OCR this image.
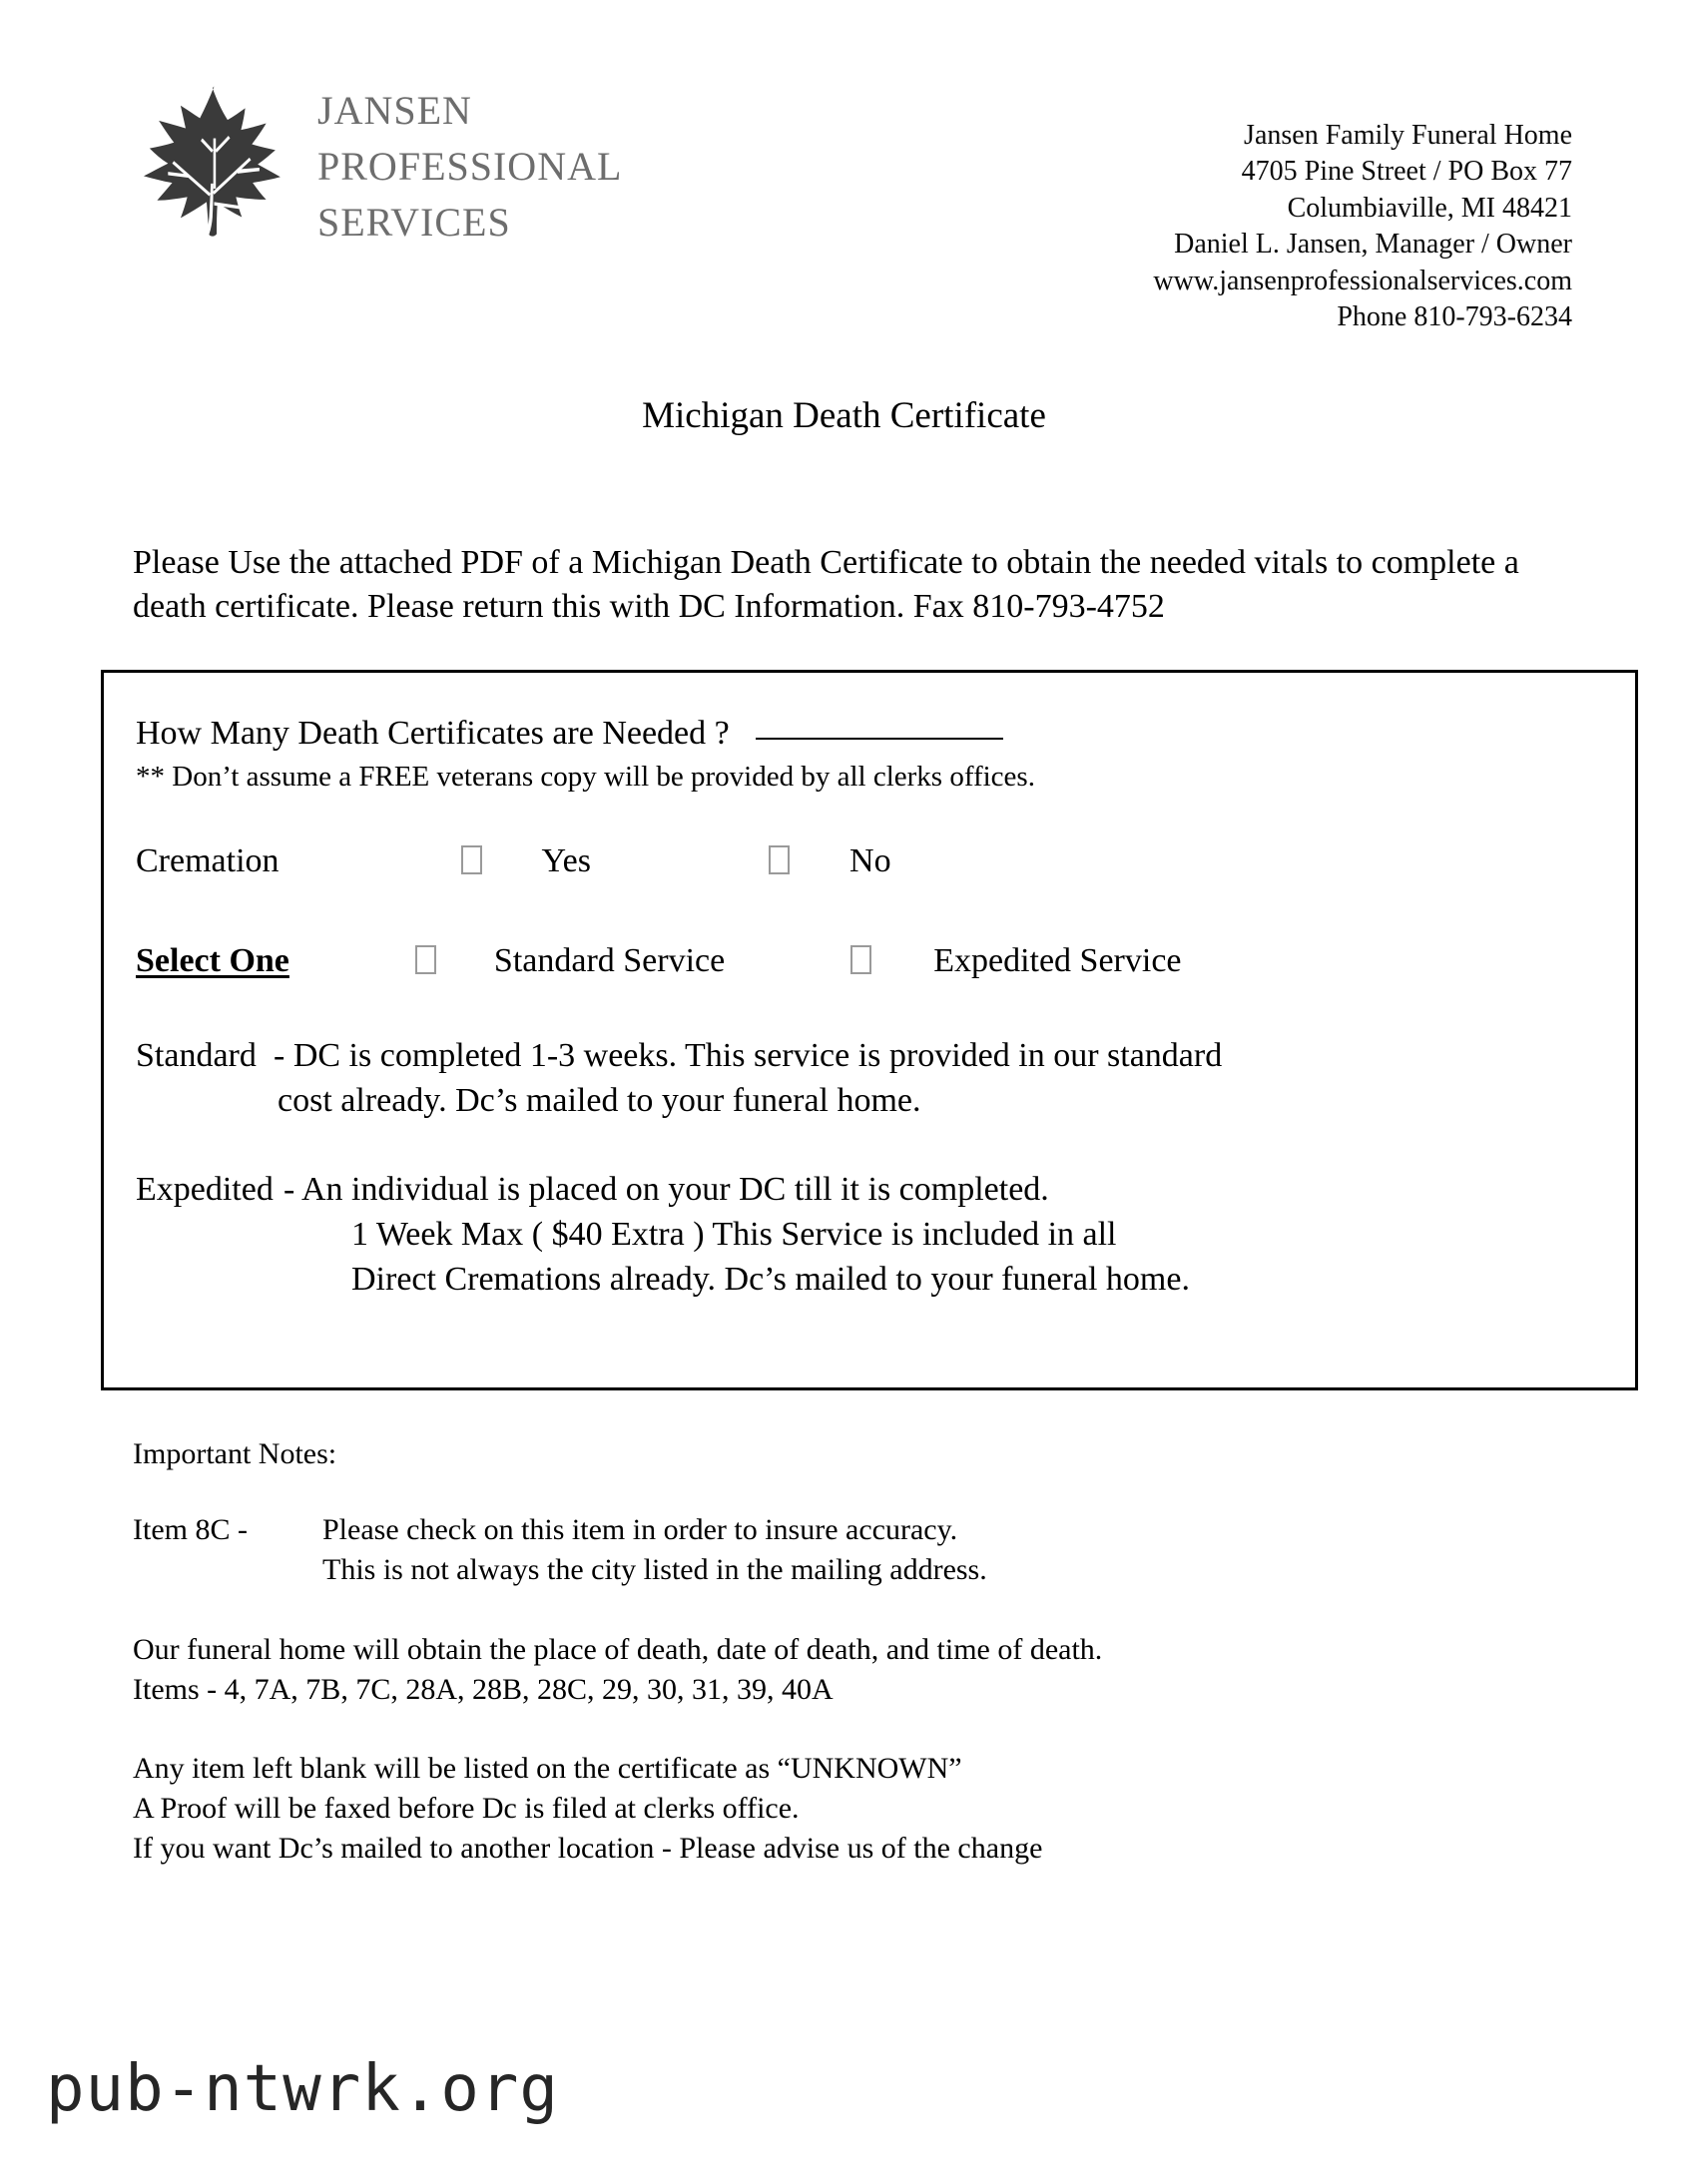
jansen
professional
services
Jansen Family Funeral Home
4705 Pine Street / PO Box 77
Columbiaville, MI 48421
Daniel L. Jansen, Manager / Owner
www.jansenprofessionalservices.com
Phone 810-793-6234
Michigan Death Certificate
Please Use the attached PDF of a Michigan Death Certificate to obtain the needed vitals to complete a death certificate. Please return this with DC Information. Fax 810-793-4752
How Many Death Certificates are Needed ?
** Don’t assume a FREE veterans copy will be provided by all clerks offices.
Cremation	Yes	No
Select One	Standard Service	Expedited Service
Standard - DC is completed 1-3 weeks. This service is provided in our standard
cost already. Dc’s mailed to your funeral home.
Expedited - An individual is placed on your DC till it is completed.
1 Week Max ( $40 Extra ) This Service is included in all
Direct Cremations already. Dc’s mailed to your funeral home.
Important Notes:
Item 8C -	Please check on this item in order to insure accuracy.
This is not always the city listed in the mailing address.
Our funeral home will obtain the place of death, date of death, and time of death.
Items - 4, 7A, 7B, 7C, 28A, 28B, 28C, 29, 30, 31, 39, 40A
Any item left blank will be listed on the certificate as “UNKNOWN”
A Proof will be faxed before Dc is filed at clerks office.
If you want Dc’s mailed to another location - Please advise us of the change
pub-ntwrk.org
